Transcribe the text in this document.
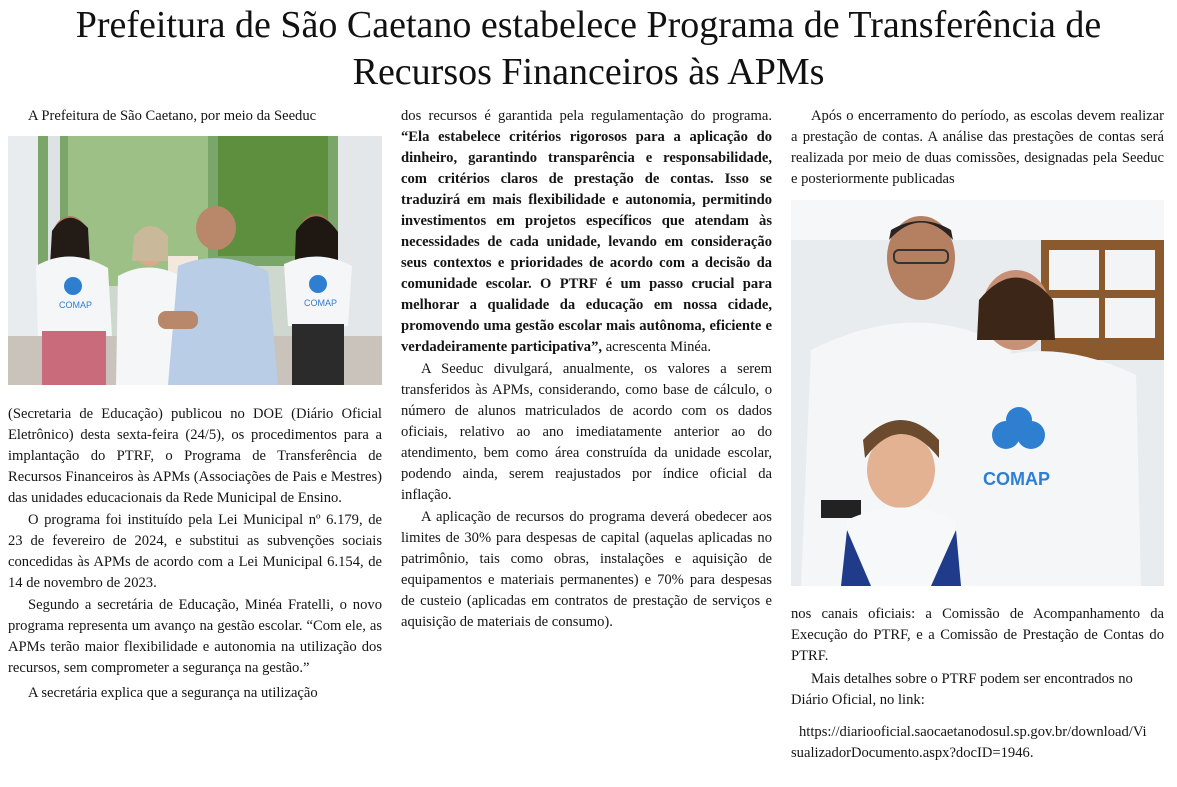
Prefeitura de São Caetano estabelece Programa de Transferência de Recursos Financeiros às APMs

A Prefeitura de São Caetano, por meio da Seeduc

COMAP	COMAP

(Secretaria de Educação) publicou no DOE (Diário Oficial Eletrônico) desta sexta-feira (24/5), os procedimentos para a implantação do PTRF, o Programa de Transferência de Recursos Financeiros às APMs (Associações de Pais e Mestres) das unidades educacionais da Rede Municipal de Ensino.

O programa foi instituído pela Lei Municipal nº 6.179, de 23 de fevereiro de 2024, e substitui as subvenções sociais concedidas às APMs de acordo com a Lei Municipal 6.154, de 14 de novembro de 2023.

Segundo a secretária de Educação, Minéa Fratelli, o novo programa representa um avanço na gestão escolar. “Com ele, as APMs terão maior flexibilidade e autonomia na utilização dos recursos, sem comprometer a segurança na gestão.”

A secretária explica que a segurança na utilização

dos recursos é garantida pela regulamentação do programa. “Ela estabelece critérios rigorosos para a aplicação do dinheiro, garantindo transparência e responsabilidade, com critérios claros de prestação de contas. Isso se traduzirá em mais flexibilidade e autonomia, permitindo investimentos em projetos específicos que atendam às necessidades de cada unidade, levando em consideração seus contextos e prioridades de acordo com a decisão da comunidade escolar. O PTRF é um passo crucial para melhorar a qualidade da educação em nossa cidade, promovendo uma gestão escolar mais autônoma, eficiente e verdadeiramente participativa”, acrescenta Minéa.

A Seeduc divulgará, anualmente, os valores a serem transferidos às APMs, considerando, como base de cálculo, o número de alunos matriculados de acordo com os dados oficiais, relativo ao ano imediatamente anterior ao do atendimento, bem como área construída da unidade escolar, podendo ainda, serem reajustados por índice oficial da inflação.

A aplicação de recursos do programa deverá obedecer aos limites de 30% para despesas de capital (aquelas aplicadas no patrimônio, tais como obras, instalações e aquisição de equipamentos e materiais permanentes) e 70% para despesas de custeio (aplicadas em contratos de prestação de serviços e aquisição de materiais de consumo).

Após o encerramento do período, as escolas devem realizar a prestação de contas. A análise das prestações de contas será realizada por meio de duas comissões, designadas pela Seeduc e posteriormente publicadas

COMAP

nos canais oficiais: a Comissão de Acompanhamento da Execução do PTRF, e a Comissão de Prestação de Contas do PTRF.

Mais detalhes sobre o PTRF podem ser encontrados no Diário Oficial, no link:

https://diariooficial.saocaetanodosul.sp.gov.br/download/VisualizadorDocumento.aspx?docID=1946.
